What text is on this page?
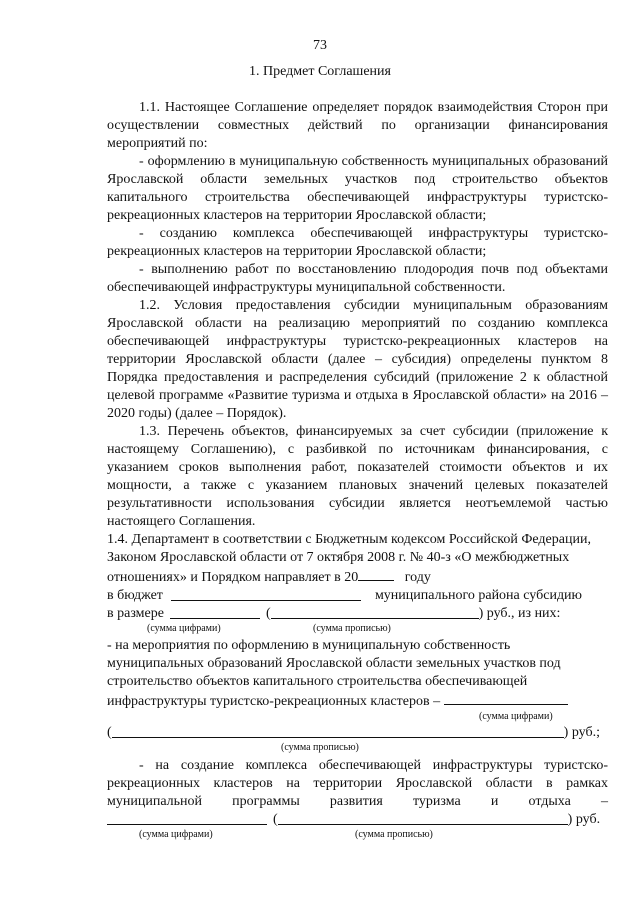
73
1. Предмет Соглашения

1.1. Настоящее Соглашение определяет порядок взаимодействия Сторон при осуществлении совместных действий по организации финансирования мероприятий по:

- оформлению в муниципальную собственность муниципальных образований Ярославской области земельных участков под строительство объектов капитального строительства обеспечивающей инфраструктуры туристско-рекреационных кластеров на территории Ярославской области;

- созданию комплекса обеспечивающей инфраструктуры туристско-рекреационных кластеров на территории Ярославской области;

- выполнению работ по восстановлению плодородия почв под объектами обеспечивающей инфраструктуры муниципальной собственности.

1.2. Условия предоставления субсидии муниципальным образованиям Ярославской области на реализацию мероприятий по созданию комплекса обеспечивающей инфраструктуры туристско-рекреационных кластеров на территории Ярославской области (далее – субсидия) определены пунктом 8 Порядка предоставления и распределения субсидий (приложение 2 к областной целевой программе «Развитие туризма и отдыха в Ярославской области» на 2016 – 2020 годы) (далее – Порядок).

1.3. Перечень объектов, финансируемых за счет субсидии (приложение к настоящему Соглашению), с разбивкой по источникам финансирования, с указанием сроков выполнения работ, показателей стоимости объектов и их мощности, а также с указанием плановых значений целевых показателей результативности использования субсидии является неотъемлемой частью настоящего Соглашения.

1.4. Департамент в соответствии с Бюджетным кодексом Российской Федерации, Законом Ярославской области от 7 октября 2008 г. № 40-з «О межбюджетных отношениях» и Порядком направляет в 20	году

в бюджет	муниципального района субсидию
в размере	(	) руб., из них:
(сумма цифрами)	(сумма прописью)

- на мероприятия по оформлению в муниципальную собственность муниципальных образований Ярославской области земельных участков под строительство объектов капитального строительства обеспечивающей инфраструктуры туристско-рекреационных кластеров –

(сумма цифрами)
(	) руб.;
(сумма прописью)

- на создание комплекса обеспечивающей инфраструктуры туристско-рекреационных кластеров на территории Ярославской области в рамках муниципальной программы развития туризма и отдыха –

(	) руб.
(сумма цифрами)	(сумма прописью)
